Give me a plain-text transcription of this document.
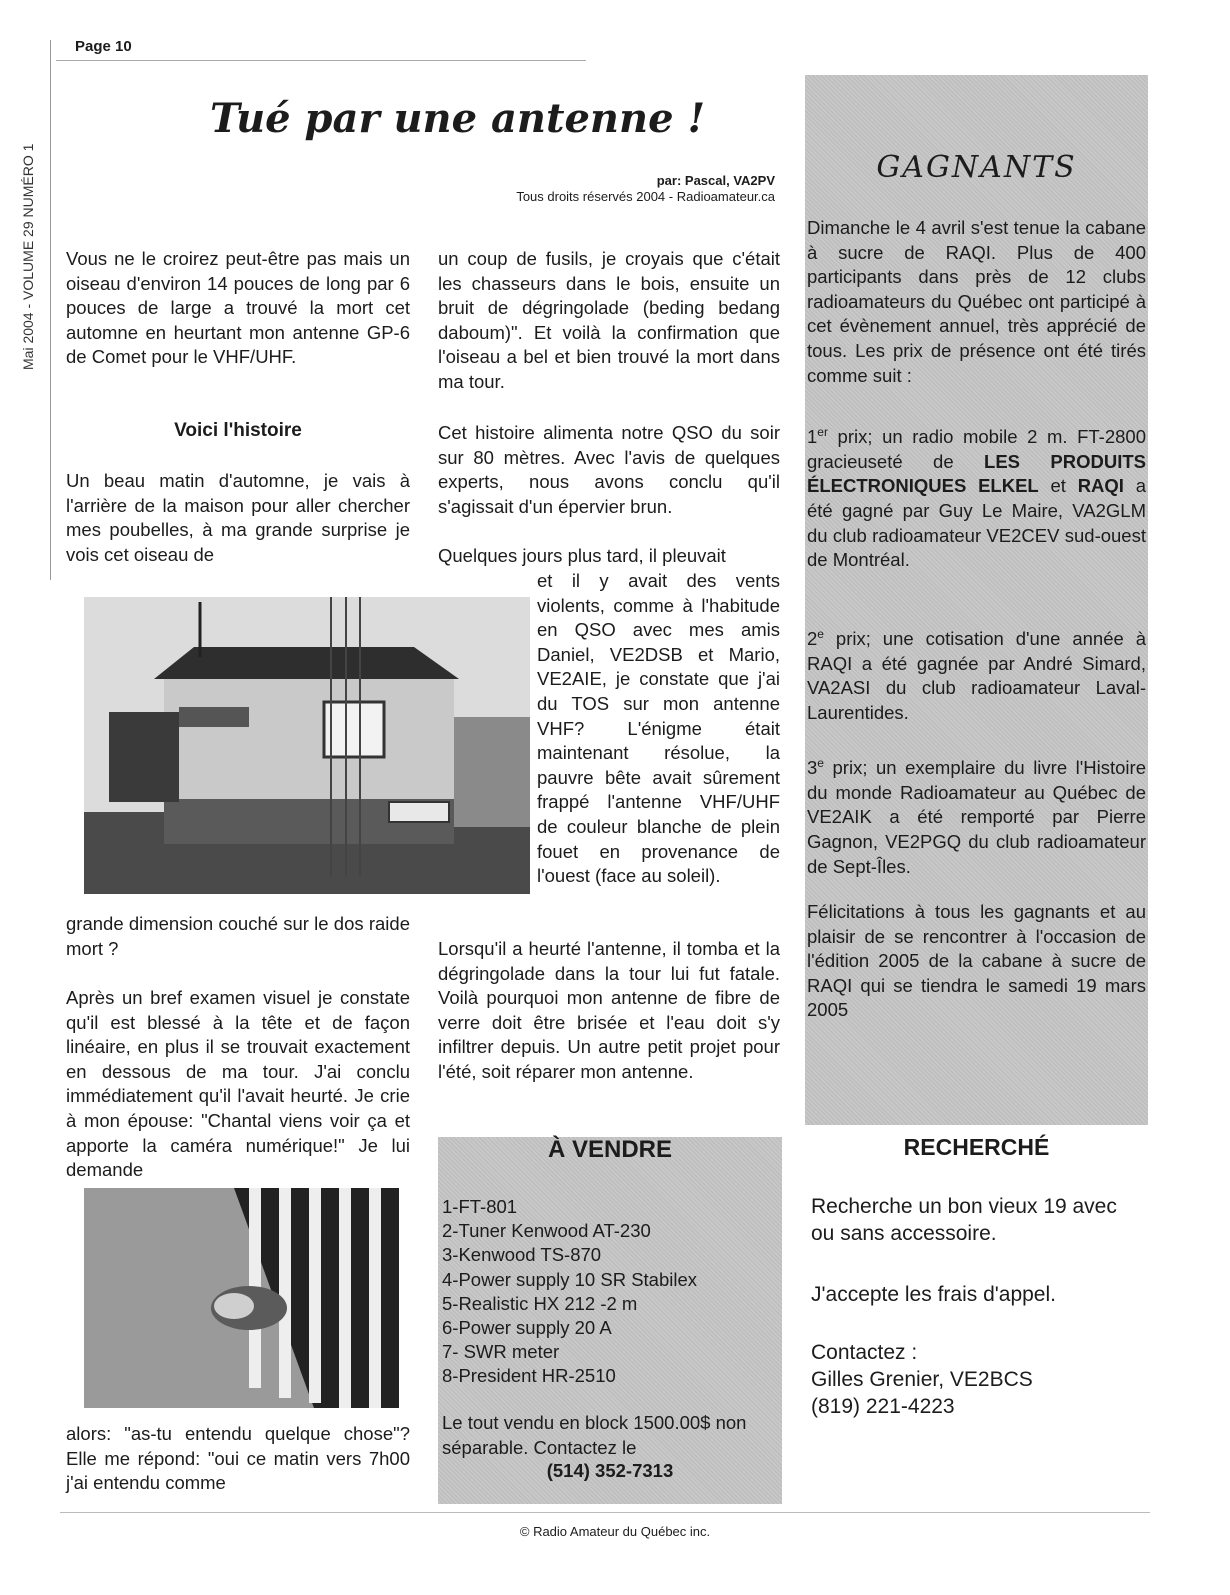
Page 10
Mai 2004 - VOLUME 29 NUMÉRO 1
Tué par une antenne !
par: Pascal, VA2PV
Tous droits réservés 2004 - Radioamateur.ca

Vous ne le croirez peut-être pas mais un oiseau d'environ 14 pouces de long par 6 pouces de large a trouvé la mort cet automne en heurtant mon antenne GP-6 de Comet pour le VHF/UHF.

Voici l'histoire

Un beau matin d'automne, je vais à l'arrière de la maison pour aller chercher mes poubelles, à ma grande surprise je vois cet oiseau de

grande dimension couché sur le dos raide mort ?

Après un bref examen visuel je constate qu'il est blessé à la tête et de façon linéaire, en plus il se trouvait exactement en dessous de ma tour. J'ai conclu immédiatement qu'il l'avait heurté. Je crie à mon épouse: "Chantal viens voir ça et apporte la caméra numérique!" Je lui demande

alors: "as-tu entendu quelque chose"? Elle me répond: "oui ce matin vers 7h00 j'ai entendu comme

un coup de fusils, je croyais que c'était les chasseurs dans le bois, ensuite un bruit de dégringolade (beding bedang daboum)". Et voilà la confirmation que l'oiseau a bel et bien trouvé la mort dans ma tour.

Cet histoire alimenta notre QSO du soir sur 80 mètres. Avec l'avis de quelques experts, nous avons conclu qu'il s'agissait d'un épervier brun.

Quelques jours plus tard, il pleuvait

et il y avait des vents violents, comme à l'habitude en QSO avec mes amis Daniel, VE2DSB et Mario, VE2AIE, je constate que j'ai du TOS sur mon antenne VHF? L'énigme était maintenant résolue, la pauvre bête avait sûrement frappé l'antenne VHF/UHF de couleur blanche de plein fouet en provenance de l'ouest (face au soleil).

Lorsqu'il a heurté l'antenne, il tomba et la dégringolade dans la tour lui fut fatale. Voilà pourquoi mon antenne de fibre de verre doit être brisée et l'eau doit s'y infiltrer depuis. Un autre petit projet pour l'été, soit réparer mon antenne.

GAGNANTS

Dimanche le 4 avril s'est tenue la cabane à sucre de RAQI. Plus de 400 participants dans près de 12 clubs radioamateurs du Québec ont participé à cet évènement annuel, très apprécié de tous. Les prix de présence ont été tirés comme suit :

1er prix; un radio mobile 2 m. FT-2800 gracieuseté de LES PRODUITS ÉLECTRONIQUES ELKEL et RAQI a été gagné par Guy Le Maire, VA2GLM du club radioamateur VE2CEV sud-ouest de Montréal.

2e prix; une cotisation d'une année à RAQI a été gagnée par André Simard, VA2ASI du club radioamateur Laval-Laurentides.

3e prix; un exemplaire du livre l'Histoire du monde Radioamateur au Québec de VE2AIK a été remporté par Pierre Gagnon, VE2PGQ du club radioamateur de Sept-Îles.

Félicitations à tous les gagnants et au plaisir de se rencontrer à l'occasion de l'édition 2005 de la cabane à sucre de RAQI qui se tiendra le samedi 19 mars 2005

À VENDRE
1-FT-801
2-Tuner Kenwood AT-230
3-Kenwood TS-870
4-Power supply 10 SR Stabilex
5-Realistic HX 212 -2 m
6-Power supply 20 A
7- SWR meter
8-President HR-2510

Le tout vendu en block 1500.00$ non séparable. Contactez le

(514) 352-7313
RECHERCHÉ
Recherche un bon vieux 19 avec ou sans accessoire.
J'accepte les frais d'appel.
Contactez :
Gilles Grenier, VE2BCS
(819) 221-4223
© Radio Amateur du Québec inc.
